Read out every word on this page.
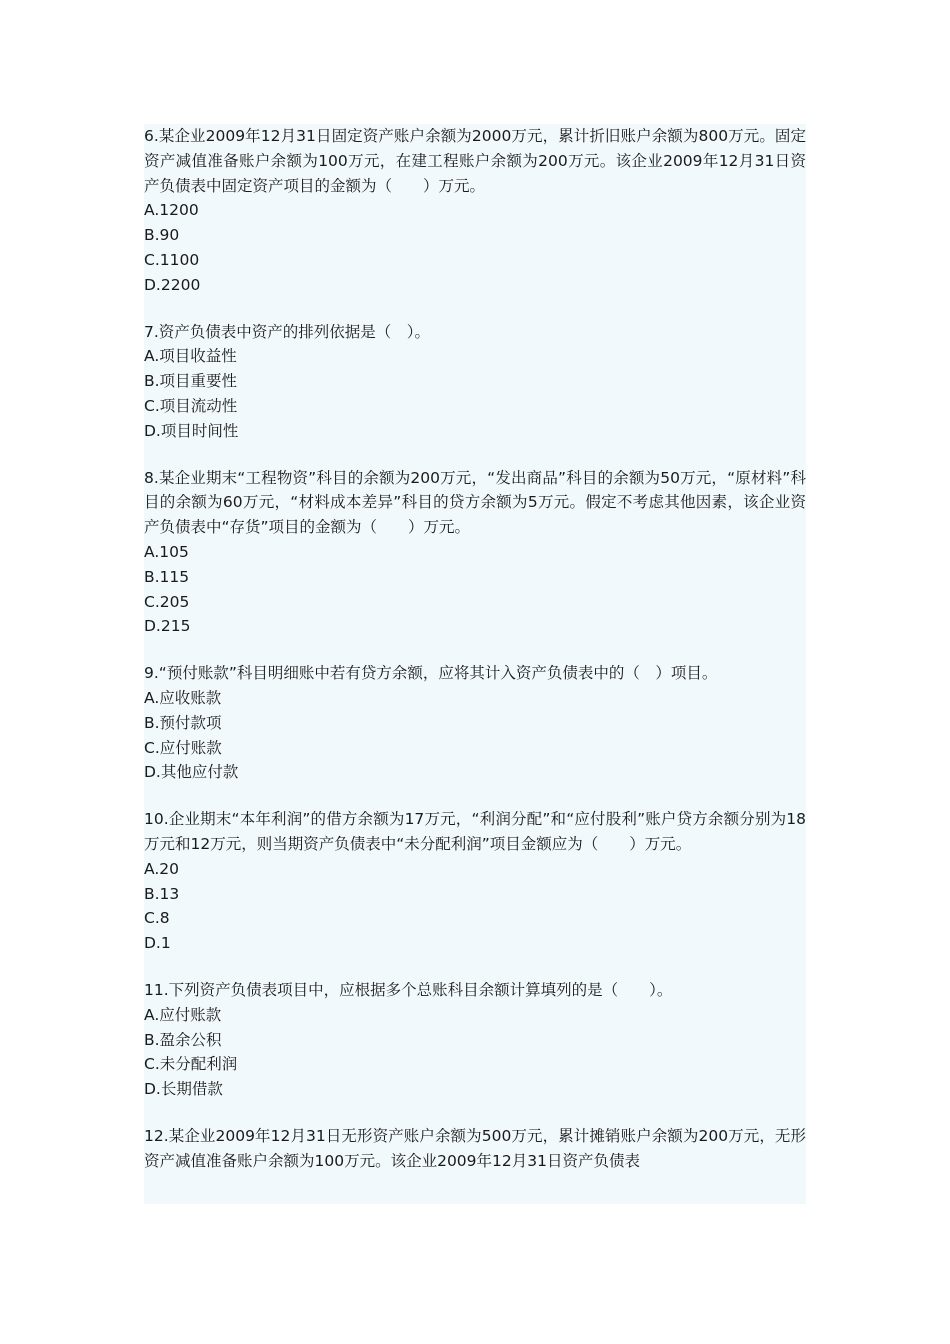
6.某企业2009年12月31日固定资产账户余额为2000万元，累计折旧账户余额为800万元。固定资产减值准备账户余额为100万元，在建工程账户余额为200万元。该企业2009年12月31日资产负债表中固定资产项目的金额为（　　）万元。

A.1200

B.90

C.1100

D.2200

7.资产负债表中资产的排列依据是（　）。

A.项目收益性

B.项目重要性

C.项目流动性

D.项目时间性

8.某企业期末“工程物资”科目的余额为200万元，“发出商品”科目的余额为50万元，“原材料”科目的余额为60万元，“材料成本差异”科目的贷方余额为5万元。假定不考虑其他因素，该企业资产负债表中“存货”项目的金额为（　　）万元。

A.105

B.115

C.205

D.215

9.“预付账款”科目明细账中若有贷方余额，应将其计入资产负债表中的（　）项目。

A.应收账款

B.预付款项

C.应付账款

D.其他应付款

10.企业期末“本年利润”的借方余额为17万元，“利润分配”和“应付股利”账户贷方余额分别为18万元和12万元，则当期资产负债表中“未分配利润”项目金额应为（　　）万元。

A.20

B.13

C.8

D.1

11.下列资产负债表项目中，应根据多个总账科目余额计算填列的是（　　）。

A.应付账款

B.盈余公积

C.未分配利润

D.长期借款

12.某企业2009年12月31日无形资产账户余额为500万元，累计摊销账户余额为200万元，无形资产减值准备账户余额为100万元。该企业2009年12月31日资产负债表
